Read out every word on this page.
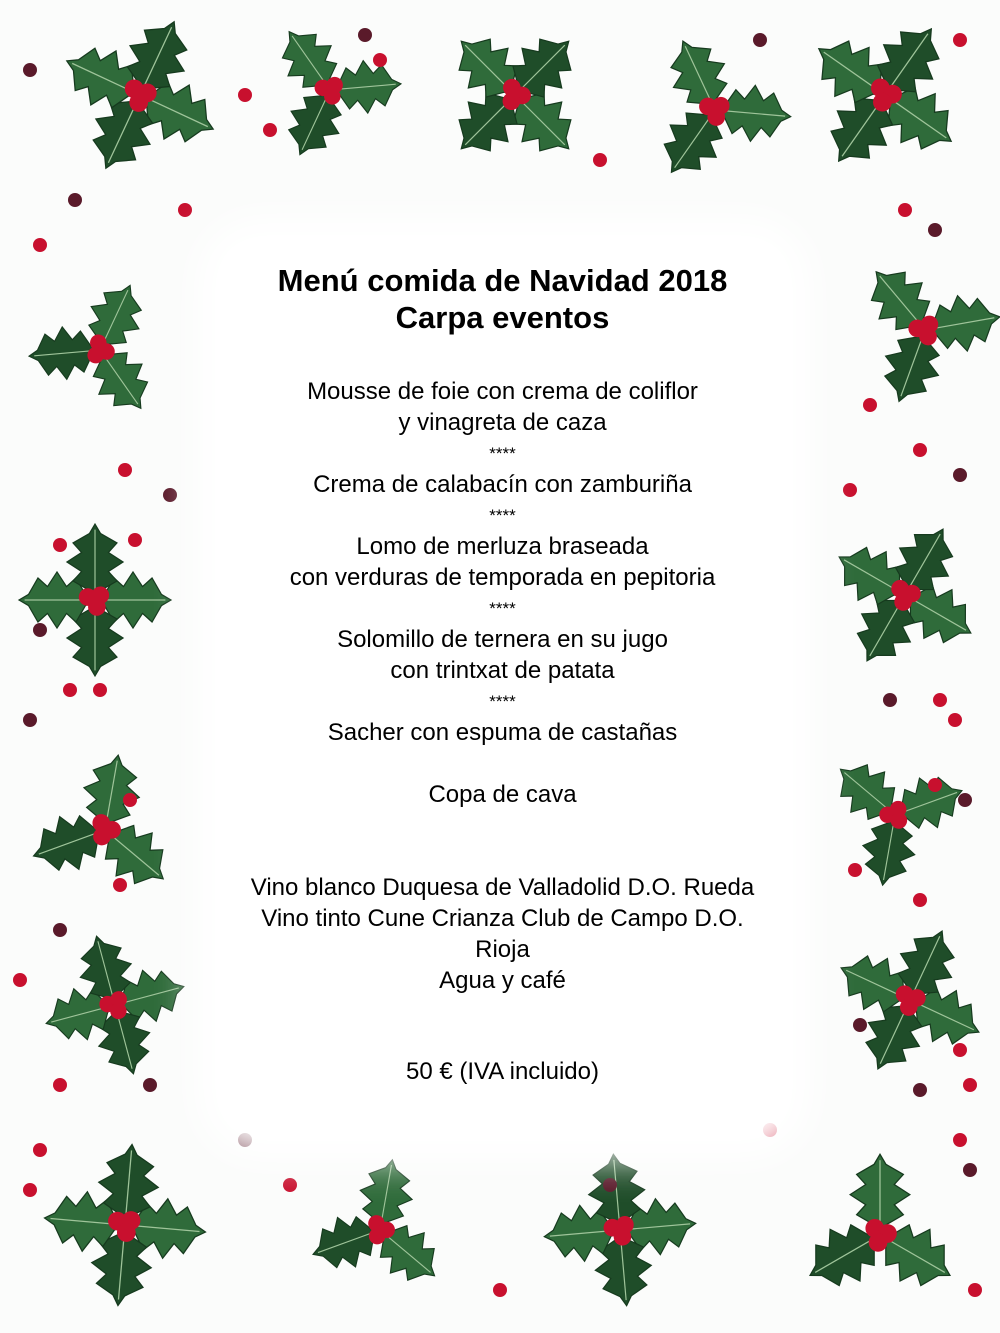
Menú comida de Navidad 2018
Carpa eventos
Mousse de foie con crema de coliflor
y vinagreta de caza
****
Crema de calabacín con zamburiña
****
Lomo de merluza braseada
con verduras de temporada en pepitoria
****
Solomillo de ternera en su jugo
con trintxat de patata
****
Sacher con espuma de castañas
Copa de cava
Vino blanco Duquesa de Valladolid D.O. Rueda
Vino tinto Cune Crianza Club de Campo D.O.
Rioja
Agua y café
50 € (IVA incluido)
